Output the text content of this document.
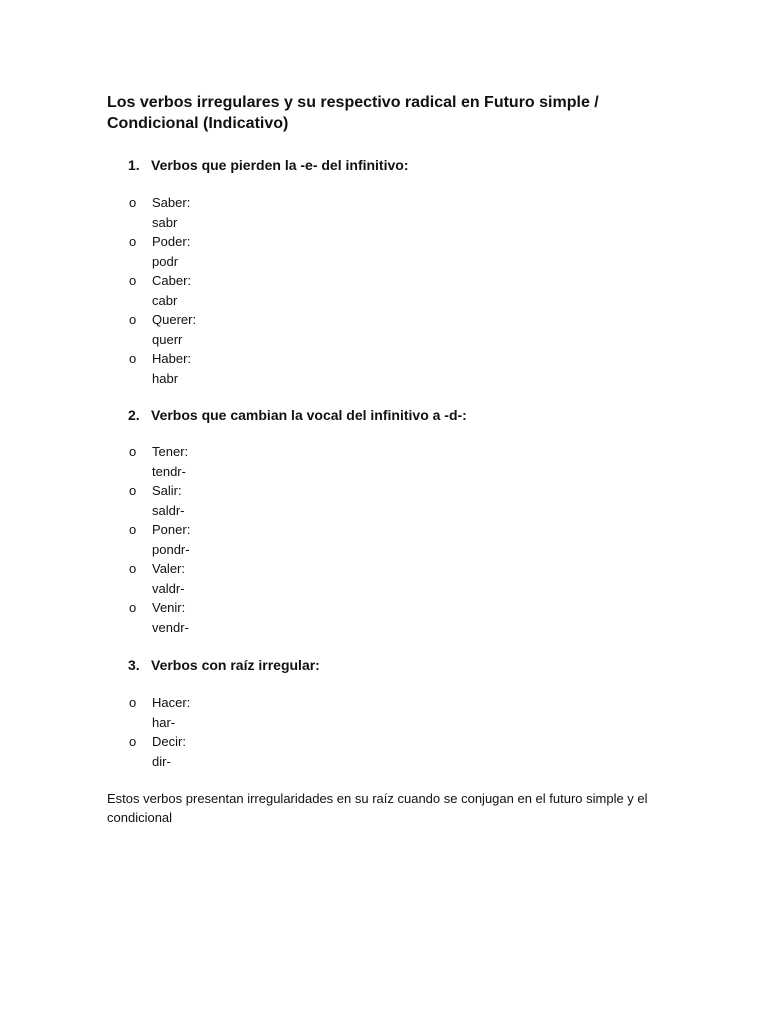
Los verbos irregulares y su respectivo radical en Futuro simple / Condicional (Indicativo)
1. Verbos que pierden la -e- del infinitivo:
o Saber:
sabr
o Poder:
podr
o Caber:
cabr
o Querer:
querr
o Haber:
habr
2. Verbos que cambian la vocal del infinitivo a -d-:
o Tener:
tendr-
o Salir:
saldr-
o Poner:
pondr-
o Valer:
valdr-
o Venir:
vendr-
3. Verbos con raíz irregular:
o Hacer:
har-
o Decir:
dir-

Estos verbos presentan irregularidades en su raíz cuando se conjugan en el futuro simple y el condicional
